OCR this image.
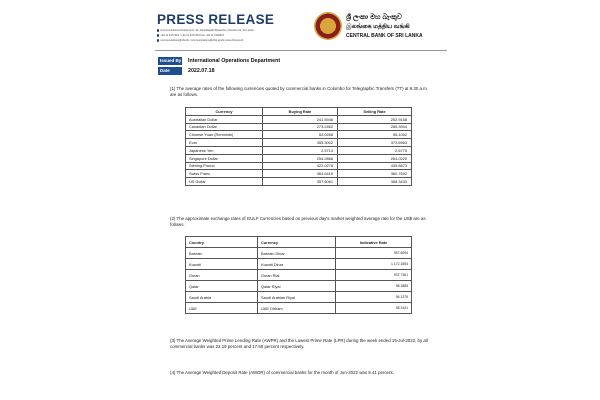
PRESS RELEASE
Communications Department, 30, Janadhipathi Mawatha, Colombo 01, Sri Lanka
+94 11 2477424 / +94 11 2477423 Fax +94 11 2346257
communications@cbsl.lk / communications@cbsl.gov.lk www.cbsl.gov.lk
ශ්‍රී ලංකා මහ බැංකුව
இலங்கை மத்திய வங்கி
CENTRAL BANK OF SRI LANKA
Issued By International Operations Department
Date	2022.07.18
(1) The average rates of the following currencies quoted by commercial banks in Colombo for Telegraphic Transfers (TT) at 9.30 a.m. are as follows.
Currency	Buying Rate	Selling Rate
Australian Dollar	241.5946	252.9158
Canadian Dollar	273.2462	285.3944
Chinese Yuan (Renminbi)	52.0268	55.1052
Euro	355.3002	372.6963
Japanese Yen	2.5713	2.6775
Singapore Dollar	254.2866	264.0220
Sterling Pound	422.0278	439.8673
Swiss Franc	364.6419	380.7692
US Dollar	357.6061	368.3433
(2) The approximate exchange rates of GULF Currencies based on previous day's market weighted average rate for the US$ are as follows.
Country	Currency	Indicative Rate
Bahrain	Bahrain Dinar	957.6094
Kuwait	Kuwait Dinar	1,172.1854
Oman	Oman Rial	937.7361
Qatar	Qatar Riyal	98.1885
Saudi Arabia	Saudi Arabian Riyal	96.1375
UAE	UAE Dirham	98.2431
(3) The Average Weighted Prime Lending Rate (AWPR) and the Lowest Prime Rate (LPR) during the week ended 15-Jul-2022, by all commercial banks was 22.19 percent and 17.50 percent respectively.
(4) The Average Weighted Deposit Rate (AWDR) of commercial banks for the month of Jun-2022 was 8.41 percent.
